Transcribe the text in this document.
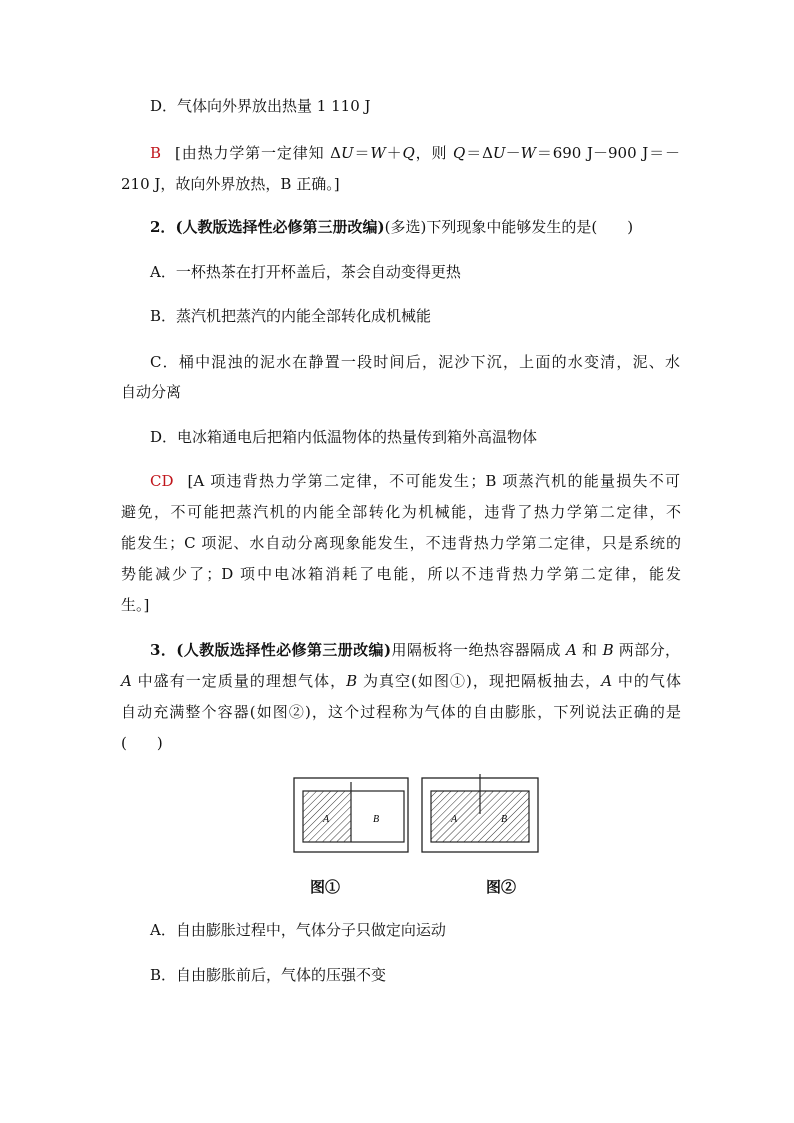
D．气体向外界放出热量 1 110 J
B [由热力学第一定律知 ΔU＝W＋Q，则 Q＝ΔU－W＝690 J－900 J＝－
210 J，故向外界放热，B 正确。]
2．(人教版选择性必修第三册改编)(多选)下列现象中能够发生的是(　　)
A．一杯热茶在打开杯盖后，茶会自动变得更热
B．蒸汽机把蒸汽的内能全部转化成机械能
C．桶中混浊的泥水在静置一段时间后，泥沙下沉，上面的水变清，泥、水
自动分离
D．电冰箱通电后把箱内低温物体的热量传到箱外高温物体
CD [A 项违背热力学第二定律，不可能发生；B 项蒸汽机的能量损失不可
避免，不可能把蒸汽机的内能全部转化为机械能，违背了热力学第二定律，不
能发生；C 项泥、水自动分离现象能发生，不违背热力学第二定律，只是系统的
势能减少了；D 项中电冰箱消耗了电能，所以不违背热力学第二定律，能发
生。]
3．(人教版选择性必修第三册改编)用隔板将一绝热容器隔成 A 和 B 两部分，
A 中盛有一定质量的理想气体，B 为真空(如图①)，现把隔板抽去，A 中的气体
自动充满整个容器(如图②)，这个过程称为气体的自由膨胀，下列说法正确的是
(　　)
A	B	A	B
图①	图②
A．自由膨胀过程中，气体分子只做定向运动
B．自由膨胀前后，气体的压强不变
